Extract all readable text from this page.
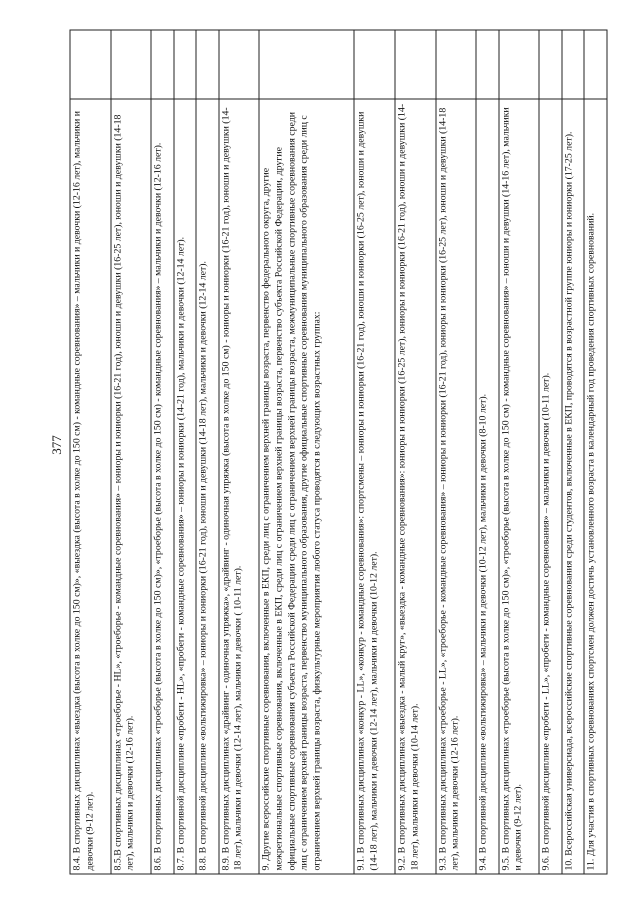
377 8.4. В спортивных дисциплинах «выездка (высота в холке до 150 см)», «выездка (высота в холке до 150 см) - командные соревнования» – мальчики и девочки (12-16 лет), мальчики и девочки (9-12 лет).	
8.5.В спортивных дисциплинах «троеборье - HL», «троеборье - командные соревнования» – юниоры и юниорки (16-21 год), юноши и девушки (16-25 лет), юноши и девушки (14-18 лет), мальчики и девочки (12-16 лет).	
8.6. В спортивных дисциплинах «троеборье (высота в холке до 150 см)», «троеборье (высота в холке до 150 см) - командные соревнования» – мальчики и девочки (12-16 лет).	
8.7. В спортивной дисциплине «пробеги - HL», «пробеги - командные соревнования» – юниоры и юниорки (14-21 год), мальчики и девочки (12-14 лет).	
8.8. В спортивной дисциплине «вольтижировка» – юниоры и юниорки (16-21 год), юноши и девушки (14-18 лет), мальчики и девочки (12-14 лет).	
8.9. В спортивных дисциплинах «драйвинг - одиночная упряжка», «драйвинг - одиночная упряжка (высота в холке до 150 см) - юниоры и юниорки (16-21 год), юноши и девушки (14-18 лет), мальчики и девочки (12-14 лет), мальчики и девочки ( 10-11 лет).	
9. Другие всероссийские спортивные соревнования, включенные в ЕКП, среди лиц с ограничением верхней границы возраста, первенство федерального округа, другие межрегиональные спортивные соревнования, включенные в ЕКП, среди лиц с ограничением верхней границы возраста, первенство субъекта Российской Федерации, другие официальные спортивные соревнования субъекта Российской Федерации среди лиц с ограничением верхней границы возраста, межмуниципальные спортивные соревнования среди лиц с ограничением верхней границы возраста, первенство муниципального образования, другие официальные спортивные соревнования муниципального образования среди лиц с ограничением верхней границы возраста, физкультурные мероприятия любого статуса проводятся в следующих возрастных группах:	
9.1. В спортивных дисциплинах «конкур - LL», «конкур - командные соревнования»: спортсмены – юниоры и юниорки (16-21 год), юноши и юниорки (16-25 лет), юноши и девушки (14-18 лет), мальчики и девочки (12-14 лет), мальчики и девочки (10-12 лет).	
9.2. В спортивных дисциплинах «выездка - малый круг», «выездка - командные соревнования»: юниоры и юниорки (16-25 лет), юниоры и юниорки (16-21 год), юноши и девушки (14-18 лет), мальчики и девочки (10-14 лет).	
9.3. В спортивных дисциплинах «троеборье - LL», «троеборье - командные соревнования» – юниоры и юниорки (16-21 год), юниоры и юниорки (16-25 лет), юноши и девушки (14-18 лет), мальчики и девочки (12-16 лет).	
9.4. В спортивной дисциплине «вольтижировка» – мальчики и девочки (10-12 лет), мальчики и девочки (8-10 лет).	
9.5. В спортивных дисциплинах «троеборье (высота в холке до 150 см)», «троеборье (высота в холке до 150 см) - командные соревнования» – юноши и девушки (14-16 лет), мальчики и девочки (9-12 лет).	
9.6. В спортивной дисциплине «пробеги - LL», «пробеги - командные соревнования» – мальчики и девочки (10-11 лет).	
10. Всероссийская универсиада, всероссийские спортивные соревнования среди студентов, включенные в ЕКП, проводятся в возрастной группе юниоры и юниорки (17-25 лет).	
11. Для участия в спортивных соревнованиях спортсмен должен достичь установленного возраста в календарный год проведения спортивных соревнований.	
